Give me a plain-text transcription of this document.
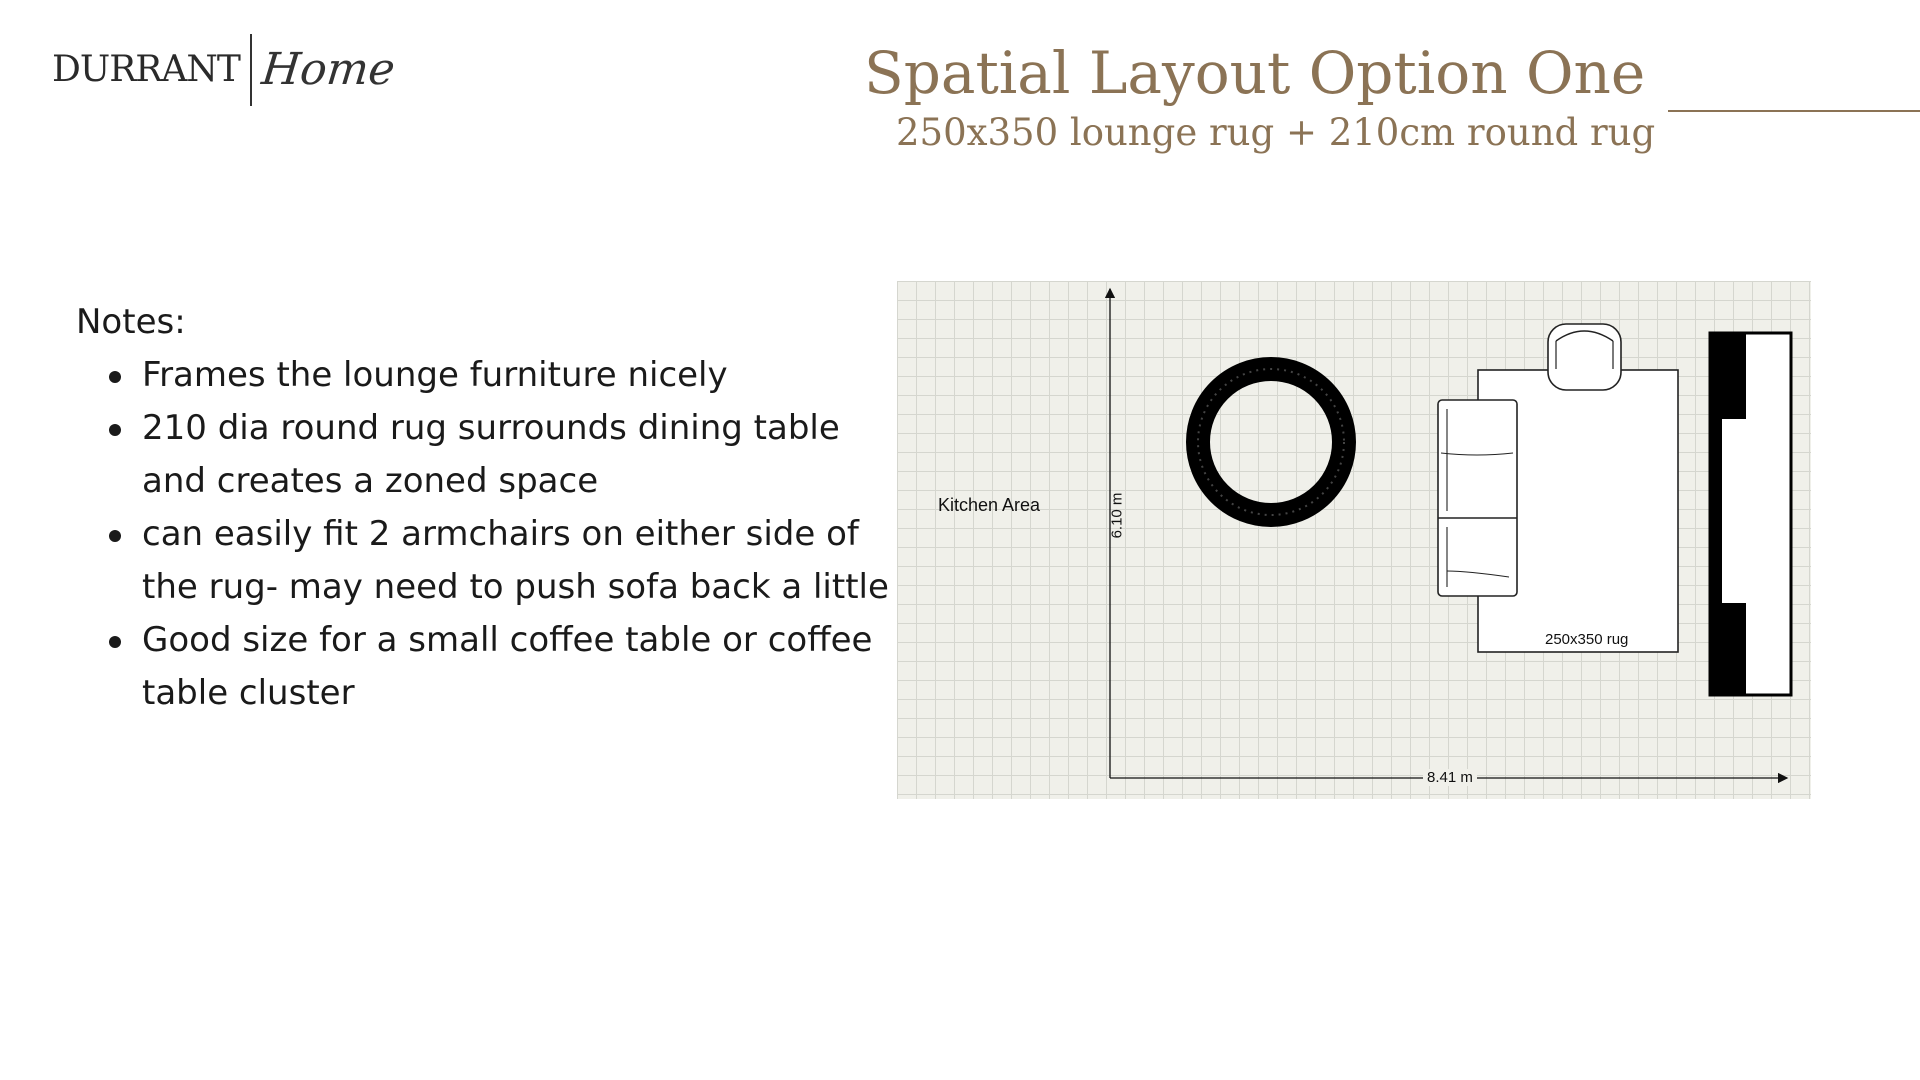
DURRANT Home	Spatial Layout Option One
250x350 lounge rug + 210cm round rug

Notes:

Frames the lounge furniture nicely
210 dia round rug surrounds dining table and creates a zoned space
can easily fit 2 armchairs on either side of the rug- may need to push sofa back a little
Good size for a small coffee table or coffee table cluster
Kitchen Area	6.10 m
8.41 m
250x350 rug
